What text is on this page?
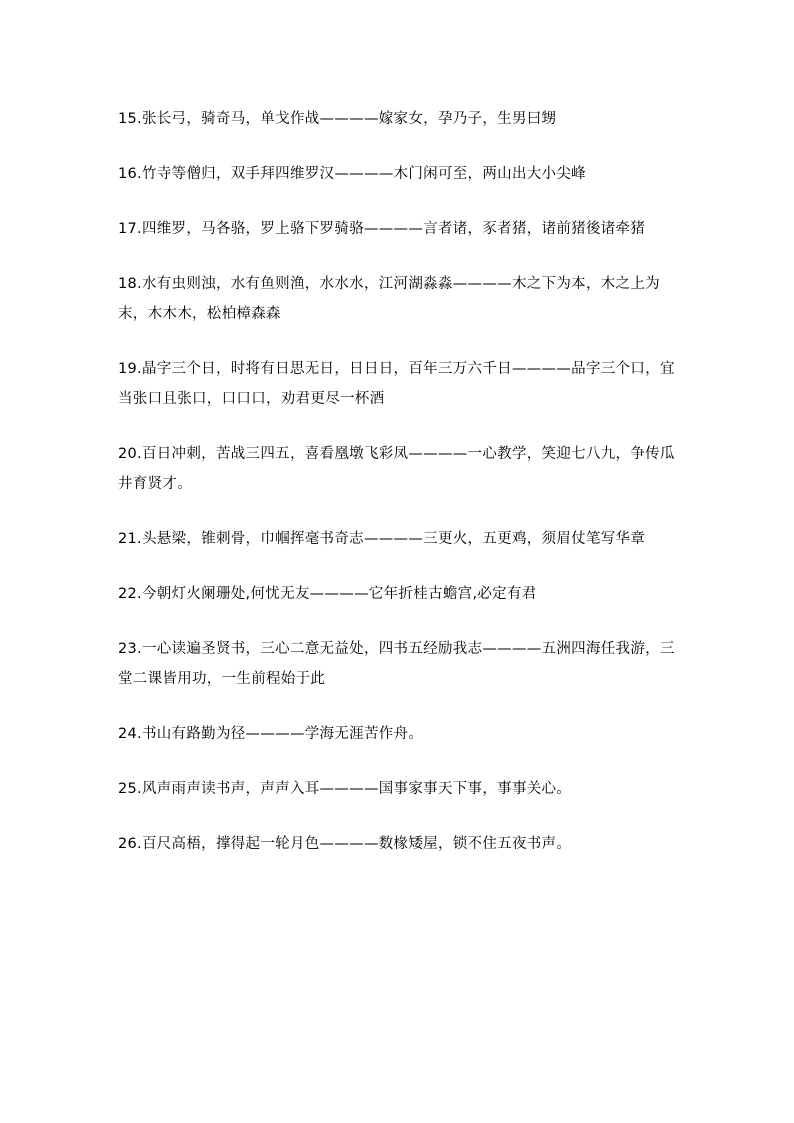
15.张长弓，骑奇马，单戈作战————嫁家女，孕乃子，生男曰甥

16.竹寺等僧归，双手拜四维罗汉————木门闲可至，两山出大小尖峰

17.四维罗，马各骆，罗上骆下罗骑骆————言者诸，豕者猪，诸前猪後诸牵猪

18.水有虫则浊，水有鱼则渔，水水水，江河湖淼淼————木之下为本，木之上为末，木木木，松柏樟森森

19.晶字三个日，时将有日思无日，日日日，百年三万六千日————品字三个口，宜当张口且张口，口口口，劝君更尽一杯酒

20.百日冲刺，苦战三四五，喜看凰墩飞彩凤————一心教学，笑迎七八九，争传瓜井育贤才。

21.头悬梁，锥刺骨，巾帼挥毫书奇志————三更火，五更鸡，须眉仗笔写华章

22.今朝灯火阑珊处,何忧无友————它年折桂古蟾宫,必定有君

23.一心读遍圣贤书，三心二意无益处，四书五经励我志————五洲四海任我游，三堂二课皆用功，一生前程始于此

24.书山有路勤为径————学海无涯苦作舟。

25.风声雨声读书声，声声入耳————国事家事天下事，事事关心。

26.百尺高梧，撑得起一轮月色————数椽矮屋，锁不住五夜书声。
